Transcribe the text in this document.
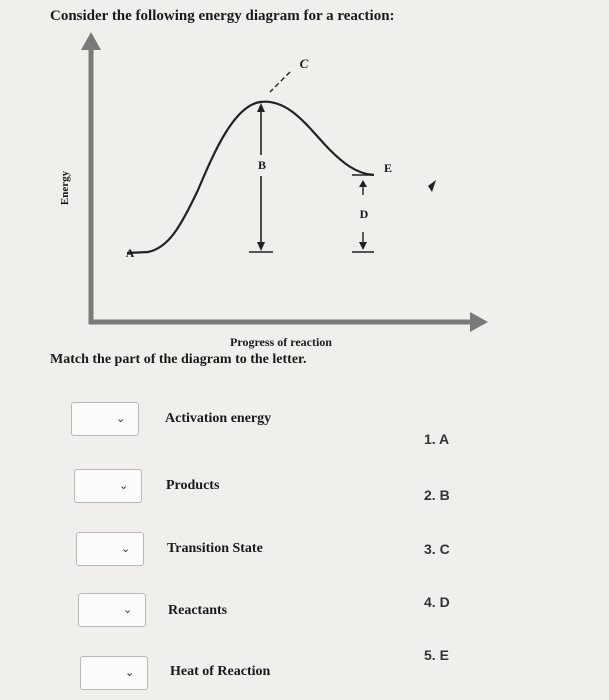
Consider the following energy diagram for a reaction:
Energy
Progress of reaction
B
C
A
E
D
Match the part of the diagram to the letter.
⌄	Activation energy
⌄	Products
⌄	Transition State
⌄	Reactants
⌄	Heat of Reaction
1. A
2. B
3. C
4. D
5. E
